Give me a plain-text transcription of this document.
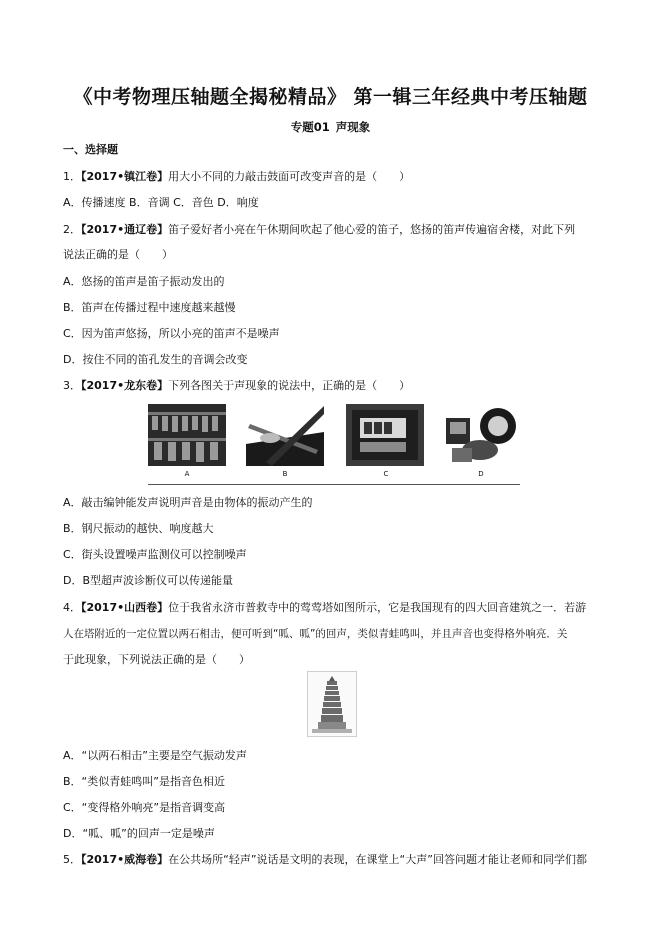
《中考物理压轴题全揭秘精品》 第一辑三年经典中考压轴题
专题01 声现象
一、选择题
1．【2017•镇江卷】用大小不同的力敲击鼓面可改变声音的是（　　）
A．传播速度 B．音调 C．音色 D．响度
2．【2017•通辽卷】笛子爱好者小亮在午休期间吹起了他心爱的笛子，悠扬的笛声传遍宿舍楼，对此下列
说法正确的是（　　）
A．悠扬的笛声是笛子振动发出的
B．笛声在传播过程中速度越来越慢
C．因为笛声悠扬，所以小亮的笛声不是噪声
D．按住不同的笛孔发生的音调会改变
3．【2017•龙东卷】下列各图关于声现象的说法中，正确的是（　　）
A	B	C	D
A．敲击编钟能发声说明声音是由物体的振动产生的
B．钢尺振动的越快、响度越大
C．街头设置噪声监测仪可以控制噪声
D．B型超声波诊断仪可以传递能量
4．【2017•山西卷】位于我省永济市普救寺中的莺莺塔如图所示，它是我国现有的四大回音建筑之一．若游
人在塔附近的一定位置以两石相击，便可听到“呱、呱”的回声，类似青蛙鸣叫，并且声音也变得格外响亮．关
于此现象，下列说法正确的是（　　）
A．“以两石相击”主要是空气振动发声
B．“类似青蛙鸣叫”是指音色相近
C．“变得格外响亮”是指音调变高
D．“呱、呱”的回声一定是噪声
5．【2017•威海卷】在公共场所“轻声”说话是文明的表现，在课堂上“大声”回答问题才能让老师和同学们都
